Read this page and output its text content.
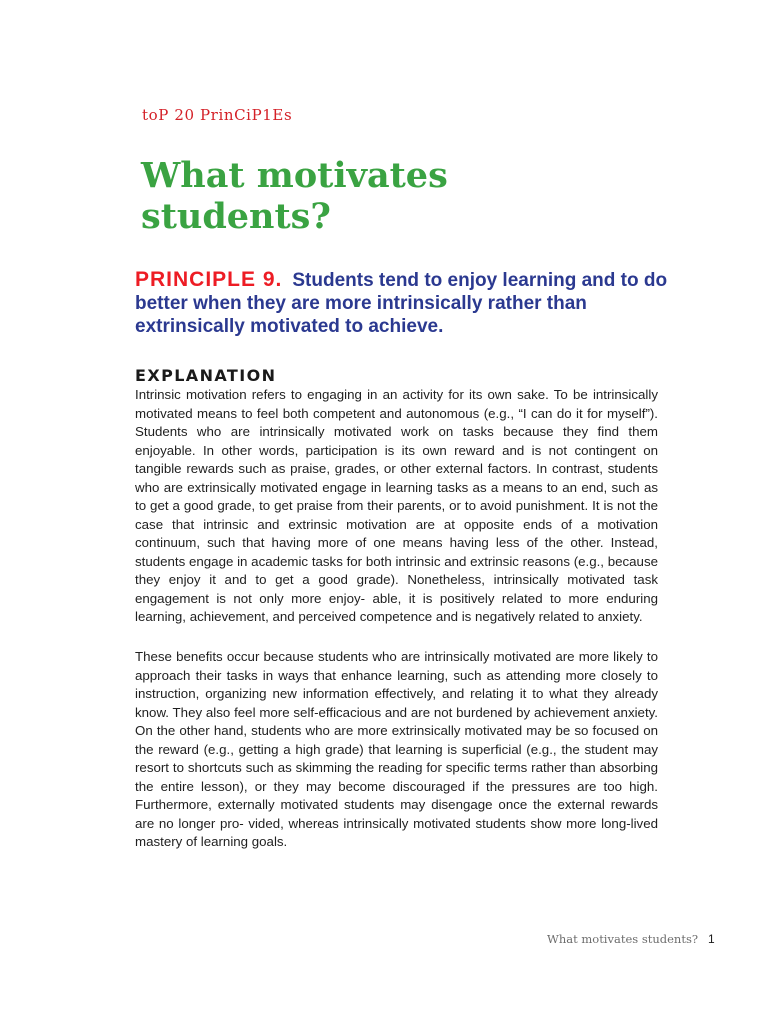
toP 20 PrinCiP1Es
What motivates students?

PRINCIPLE 9. Students tend to enjoy learning and to do better when they are more intrinsically rather than extrinsically motivated to achieve.

EXPLANATION

Intrinsic motivation refers to engaging in an activity for its own sake. To be intrinsically motivated means to feel both competent and autonomous (e.g., “I can do it for myself”). Students who are intrinsically motivated work on tasks because they find them enjoyable. In other words, participation is its own reward and is not contingent on tangible rewards such as praise, grades, or other external factors. In contrast, students who are extrinsically motivated engage in learning tasks as a means to an end, such as to get a good grade, to get praise from their parents, or to avoid punishment. It is not the case that intrinsic and extrinsic motivation are at opposite ends of a motivation continuum, such that having more of one means having less of the other. Instead, students engage in academic tasks for both intrinsic and extrinsic reasons (e.g., because they enjoy it and to get a good grade). Nonetheless, intrinsically motivated task engagement is not only more enjoy- able, it is positively related to more enduring learning, achievement, and perceived competence and is negatively related to anxiety.

These benefits occur because students who are intrinsically motivated are more likely to approach their tasks in ways that enhance learning, such as attending more closely to instruction, organizing new information effectively, and relating it to what they already know. They also feel more self-efficacious and are not burdened by achievement anxiety. On the other hand, students who are more extrinsically motivated may be so focused on the reward (e.g., getting a high grade) that learning is superficial (e.g., the student may resort to shortcuts such as skimming the reading for specific terms rather than absorbing the entire lesson), or they may become discouraged if the pressures are too high. Furthermore, externally motivated students may disengage once the external rewards are no longer pro- vided, whereas intrinsically motivated students show more long-lived mastery of learning goals.

What motivates students? 1
